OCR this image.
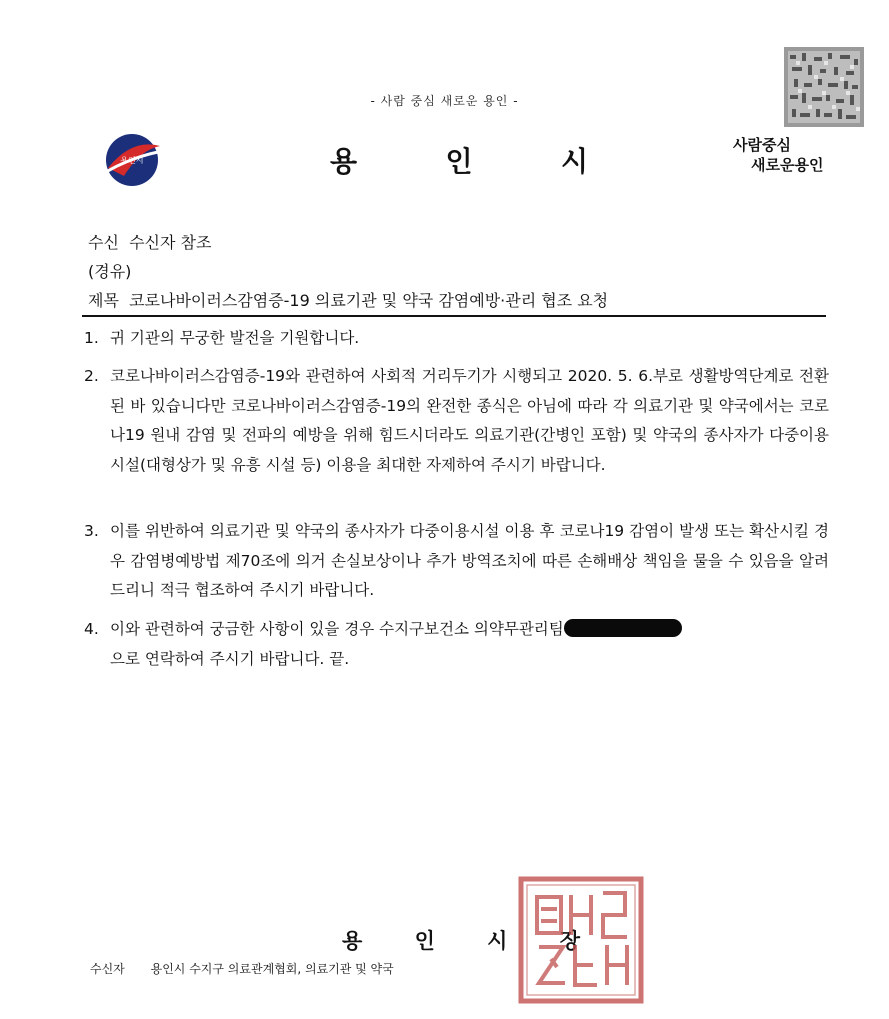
- 사람 중심 새로운 용인 -
용인시	용	인	시	사람중심
새로운용인
수신 수신자 참조
(경유)
제목 코로나바이러스감염증-19 의료기관 및 약국 감염예방·관리 협조 요청
1. 귀 기관의 무궁한 발전을 기원합니다.
2. 코로나바이러스감염증-19와 관련하여 사회적 거리두기가 시행되고 2020. 5. 6.부로 생활방역단계로 전환된 바 있습니다만 코로나바이러스감염증-19의 완전한 종식은 아님에 따라 각 의료기관 및 약국에서는 코로나19 원내 감염 및 전파의 예방을 위해 힘드시더라도 의료기관(간병인 포함) 및 약국의 종사자가 다중이용시설(대형상가 및 유흥 시설 등) 이용을 최대한 자제하여 주시기 바랍니다.
3. 이를 위반하여 의료기관 및 약국의 종사자가 다중이용시설 이용 후 코로나19 감염이 발생 또는 확산시킬 경우 감염병예방법 제70조에 의거 손실보상이나 추가 방역조치에 따른 손해배상 책임을 물을 수 있음을 알려드리니 적극 협조하여 주시기 바랍니다.
4. 이와 관련하여 궁금한 사항이 있을 경우 수지구보건소 의약무관리팀
으로 연락하여 주시기 바랍니다. 끝.
용 인 시 장
수신자 용인시 수지구 의료관계협회, 의료기관 및 약국
